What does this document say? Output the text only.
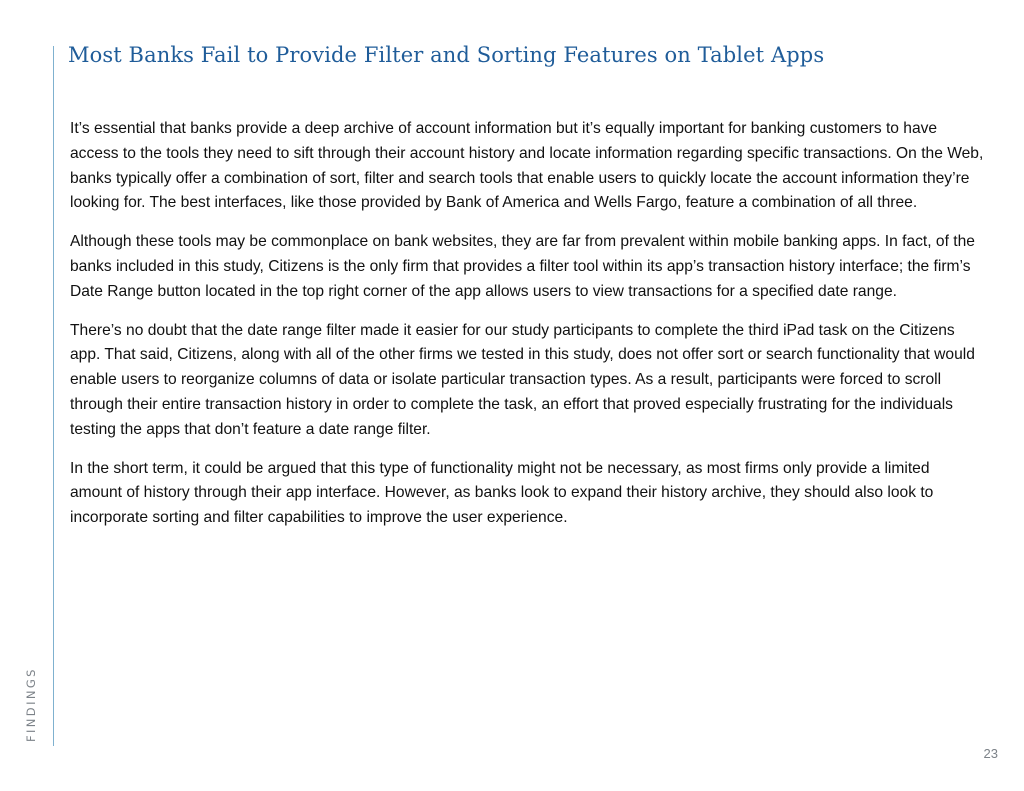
FINDINGS
Most Banks Fail to Provide Filter and Sorting Features on Tablet Apps

It’s essential that banks provide a deep archive of account information but it’s equally important for banking customers to have access to the tools they need to sift through their account history and locate information regarding specific transactions. On the Web, banks typically offer a combination of sort, filter and search tools that enable users to quickly locate the account information they’re looking for. The best interfaces, like those provided by Bank of America and Wells Fargo, feature a combination of all three.

Although these tools may be commonplace on bank websites, they are far from prevalent within mobile banking apps. In fact, of the banks included in this study, Citizens is the only firm that provides a filter tool within its app’s transaction history interface; the firm’s Date Range button located in the top right corner of the app allows users to view transactions for a specified date range.

There’s no doubt that the date range filter made it easier for our study participants to complete the third iPad task on the Citizens app. That said, Citizens, along with all of the other firms we tested in this study, does not offer sort or search functionality that would enable users to reorganize columns of data or isolate particular transaction types. As a result, participants were forced to scroll through their entire transaction history in order to complete the task, an effort that proved especially frustrating for the individuals testing the apps that don’t feature a date range filter.

In the short term, it could be argued that this type of functionality might not be necessary, as most firms only provide a limited amount of history through their app interface. However, as banks look to expand their history archive, they should also look to incorporate sorting and filter capabilities to improve the user experience.

23
